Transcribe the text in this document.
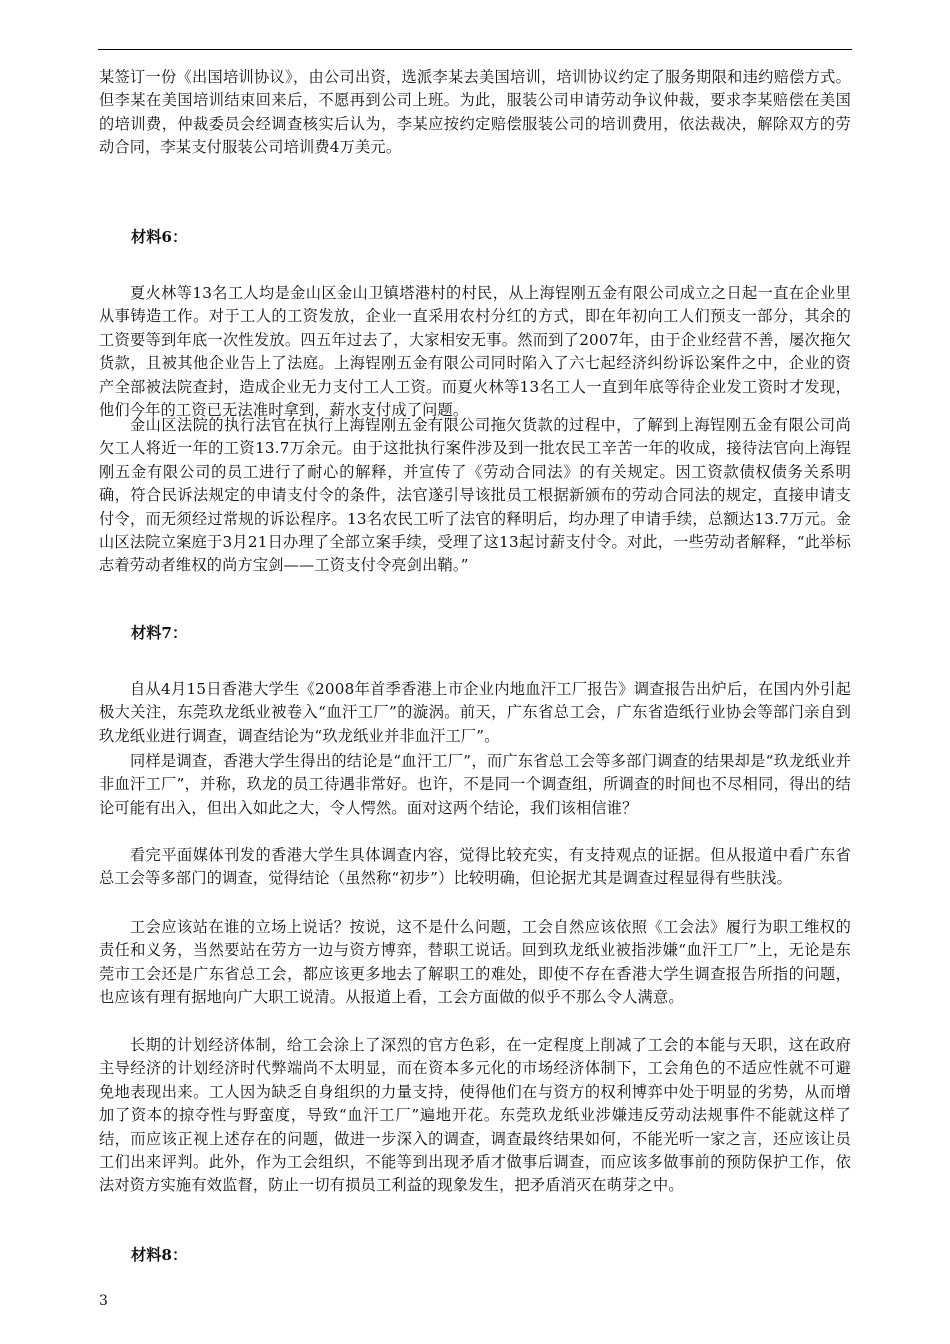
某签订一份《出国培训协议》，由公司出资，选派李某去美国培训，培训协议约定了服务期限和违约赔偿方式。但李某在美国培训结束回来后，不愿再到公司上班。为此，服装公司申请劳动争议仲裁，要求李某赔偿在美国的培训费，仲裁委员会经调查核实后认为，李某应按约定赔偿服装公司的培训费用，依法裁决，解除双方的劳动合同，李某支付服装公司培训费4万美元。

材料6：

夏火林等13名工人均是金山区金山卫镇塔港村的村民，从上海锃刚五金有限公司成立之日起一直在企业里从事铸造工作。对于工人的工资发放，企业一直采用农村分红的方式，即在年初向工人们预支一部分，其余的工资要等到年底一次性发放。四五年过去了，大家相安无事。然而到了2007年，由于企业经营不善，屡次拖欠货款，且被其他企业告上了法庭。上海锃刚五金有限公司同时陷入了六七起经济纠纷诉讼案件之中，企业的资产全部被法院查封，造成企业无力支付工人工资。而夏火林等13名工人一直到年底等待企业发工资时才发现，他们今年的工资已无法准时拿到，薪水支付成了问题。

金山区法院的执行法官在执行上海锃刚五金有限公司拖欠货款的过程中，了解到上海锃刚五金有限公司尚欠工人将近一年的工资13.7万余元。由于这批执行案件涉及到一批农民工辛苦一年的收成，接待法官向上海锃刚五金有限公司的员工进行了耐心的解释，并宣传了《劳动合同法》的有关规定。因工资款债权债务关系明确，符合民诉法规定的申请支付令的条件，法官遂引导该批员工根据新颁布的劳动合同法的规定，直接申请支付令，而无须经过常规的诉讼程序。13名农民工听了法官的释明后，均办理了申请手续，总额达13.7万元。金山区法院立案庭于3月21日办理了全部立案手续，受理了这13起讨薪支付令。对此，一些劳动者解释，“此举标志着劳动者维权的尚方宝剑——工资支付令亮剑出鞘。”

材料7：

自从4月15日香港大学生《2008年首季香港上市企业内地血汗工厂报告》调查报告出炉后，在国内外引起极大关注，东莞玖龙纸业被卷入“血汗工厂”的漩涡。前天，广东省总工会，广东省造纸行业协会等部门亲自到玖龙纸业进行调查，调查结论为“玖龙纸业并非血汗工厂”。

同样是调查，香港大学生得出的结论是“血汗工厂”，而广东省总工会等多部门调查的结果却是“玖龙纸业并非血汗工厂”，并称，玖龙的员工待遇非常好。也许，不是同一个调查组，所调查的时间也不尽相同，得出的结论可能有出入，但出入如此之大，令人愕然。面对这两个结论，我们该相信谁？

看完平面媒体刊发的香港大学生具体调查内容，觉得比较充实，有支持观点的证据。但从报道中看广东省总工会等多部门的调查，觉得结论（虽然称“初步”）比较明确，但论据尤其是调查过程显得有些肤浅。

工会应该站在谁的立场上说话？按说，这不是什么问题，工会自然应该依照《工会法》履行为职工维权的责任和义务，当然要站在劳方一边与资方博弈，替职工说话。回到玖龙纸业被指涉嫌“血汗工厂”上，无论是东莞市工会还是广东省总工会，都应该更多地去了解职工的难处，即使不存在香港大学生调查报告所指的问题，也应该有理有据地向广大职工说清。从报道上看，工会方面做的似乎不那么令人满意。

长期的计划经济体制，给工会涂上了深烈的官方色彩，在一定程度上削减了工会的本能与天职，这在政府主导经济的计划经济时代弊端尚不太明显，而在资本多元化的市场经济体制下，工会角色的不适应性就不可避免地表现出来。工人因为缺乏自身组织的力量支持，使得他们在与资方的权利博弈中处于明显的劣势，从而增加了资本的掠夺性与野蛮度，导致“血汗工厂”遍地开花。东莞玖龙纸业涉嫌违反劳动法规事件不能就这样了结，而应该正视上述存在的问题，做进一步深入的调查，调查最终结果如何，不能光听一家之言，还应该让员工们出来评判。此外，作为工会组织，不能等到出现矛盾才做事后调查，而应该多做事前的预防保护工作，依法对资方实施有效监督，防止一切有损员工利益的现象发生，把矛盾消灭在萌芽之中。

材料8：
3
